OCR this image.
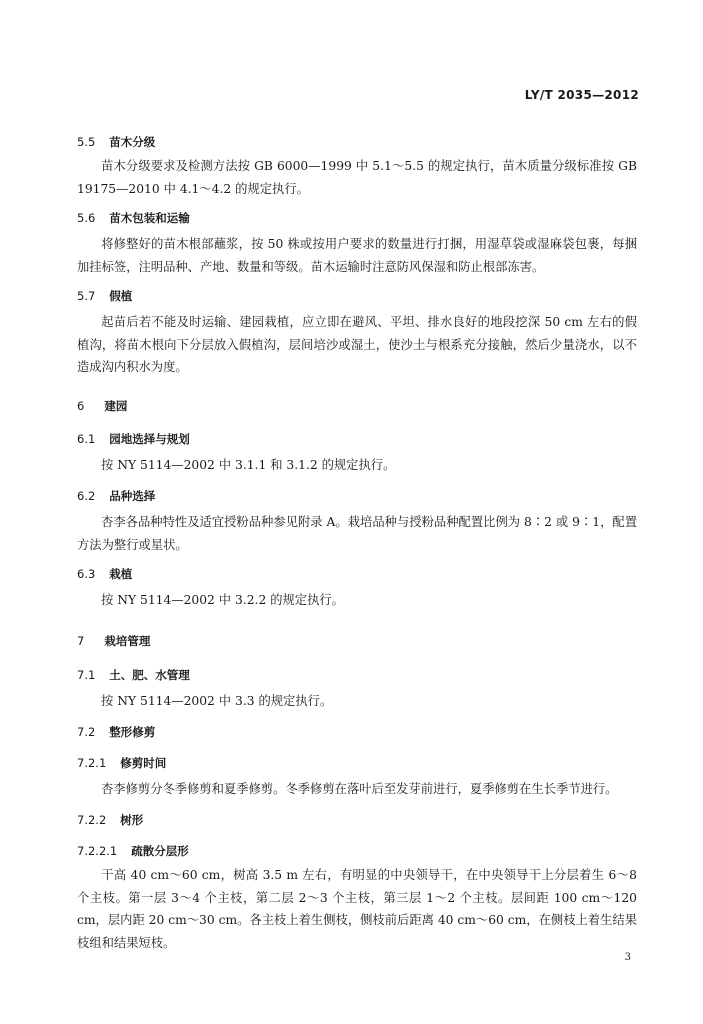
LY/T 2035—2012
5.5 苗木分级
苗木分级要求及检测方法按 GB 6000—1999 中 5.1～5.5 的规定执行，苗木质量分级标准按 GB 19175—2010 中 4.1～4.2 的规定执行。
5.6 苗木包装和运输
将修整好的苗木根部蘸浆，按 50 株或按用户要求的数量进行打捆，用湿草袋或湿麻袋包裹，每捆加挂标签，注明品种、产地、数量和等级。苗木运输时注意防风保湿和防止根部冻害。
5.7 假植
起苗后若不能及时运输、建园栽植，应立即在避风、平坦、排水良好的地段挖深 50 cm 左右的假植沟，将苗木根向下分层放入假植沟，层间培沙或湿土，使沙土与根系充分接触，然后少量浇水，以不造成沟内积水为度。
6 建园
6.1 园地选择与规划
按 NY 5114—2002 中 3.1.1 和 3.1.2 的规定执行。
6.2 品种选择
杏李各品种特性及适宜授粉品种参见附录 A。栽培品种与授粉品种配置比例为 8∶2 或 9∶1，配置方法为整行或星状。
6.3 栽植
按 NY 5114—2002 中 3.2.2 的规定执行。
7 栽培管理
7.1 土、肥、水管理
按 NY 5114—2002 中 3.3 的规定执行。
7.2 整形修剪
7.2.1 修剪时间
杏李修剪分冬季修剪和夏季修剪。冬季修剪在落叶后至发芽前进行，夏季修剪在生长季节进行。
7.2.2 树形
7.2.2.1 疏散分层形
干高 40 cm～60 cm，树高 3.5 m 左右，有明显的中央领导干，在中央领导干上分层着生 6～8 个主枝。第一层 3～4 个主枝，第二层 2～3 个主枝，第三层 1～2 个主枝。层间距 100 cm～120 cm，层内距 20 cm～30 cm。各主枝上着生侧枝，侧枝前后距离 40 cm～60 cm，在侧枝上着生结果枝组和结果短枝。
3
